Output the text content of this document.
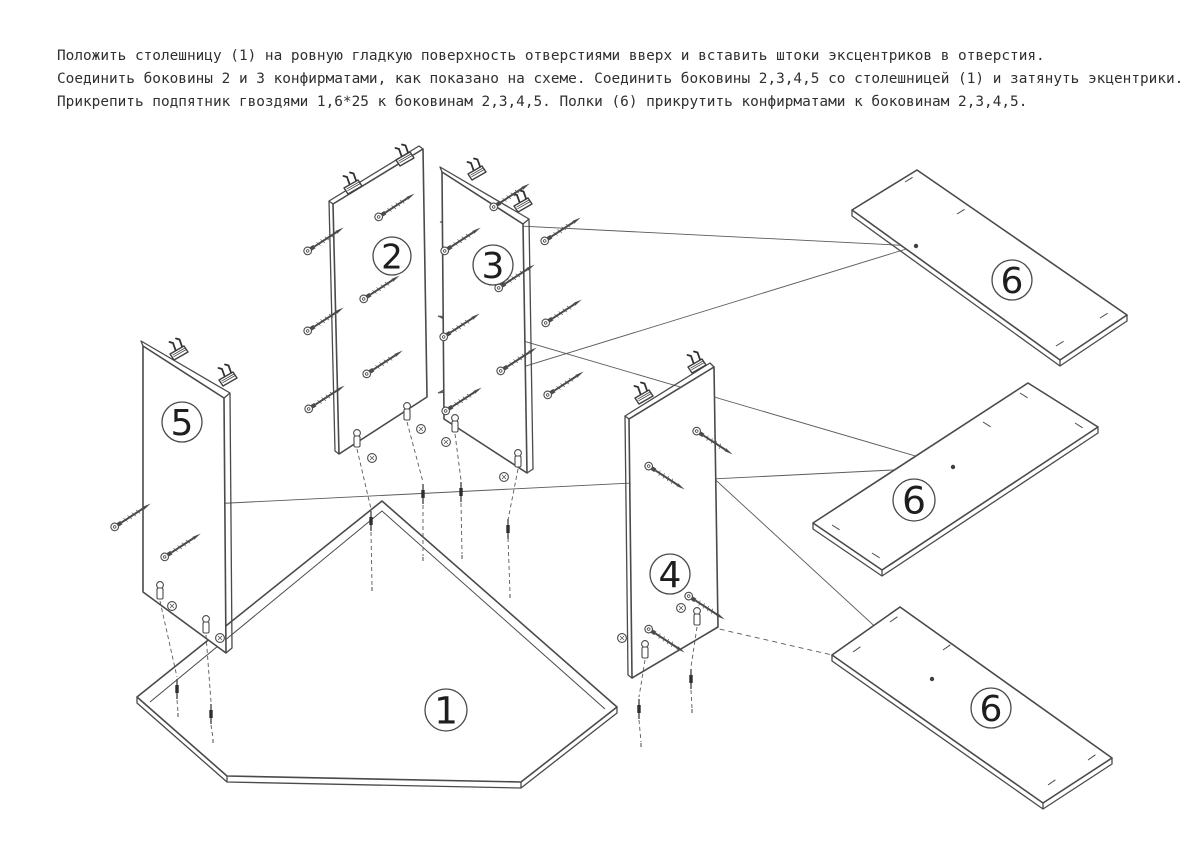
Положить столешницу (1) на ровную гладкую поверхность отверстиями вверх и вставить штоки эксцентриков в отверстия.
Соединить боковины 2 и 3 конфирматами, как показано на схеме. Соединить боковины 2,3,4,5 со столешницей (1) и затянуть экцентрики.
Прикрепить подпятник гвоздями 1,6*25 к боковинам 2,3,4,5. Полки (6) прикрутить конфирматами к боковинам 2,3,4,5.
2 3
5
4
1
6
6
6
